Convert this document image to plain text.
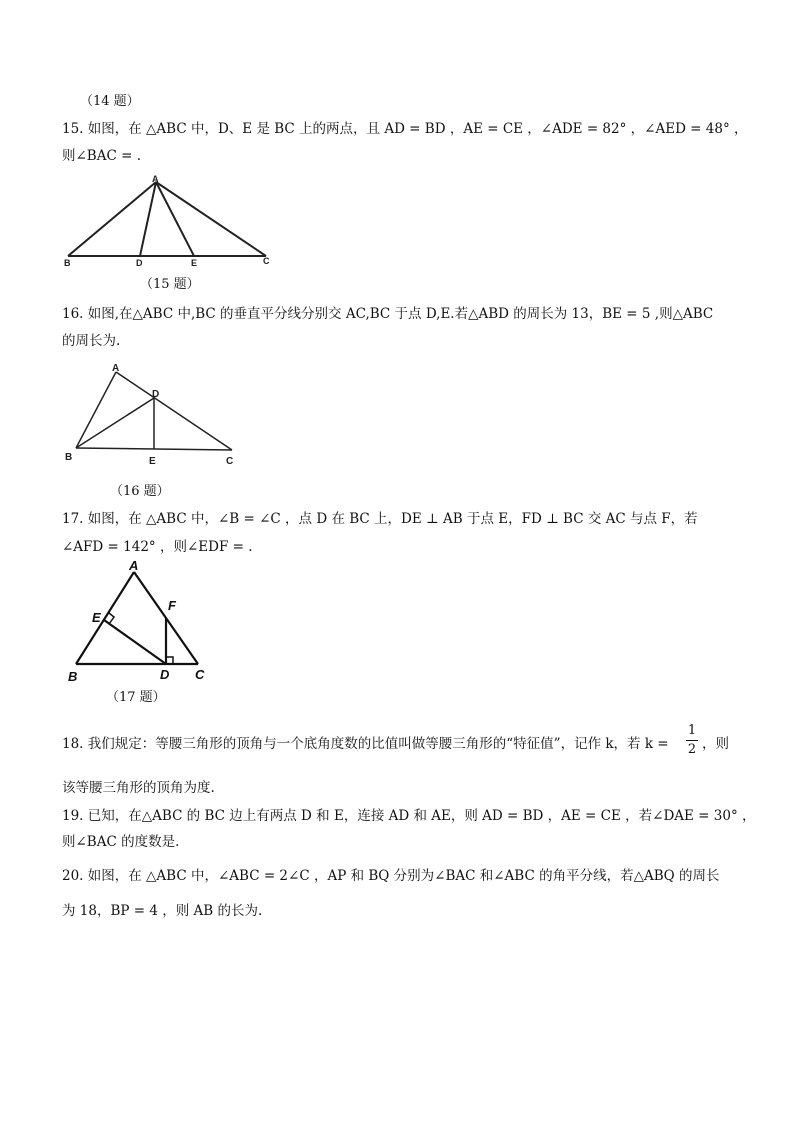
（14 题）
15. 如图，在 △ABC 中，D、E 是 BC 上的两点，且 AD = BD ，AE = CE ，∠ADE = 82° ，∠AED = 48° ，
则∠BAC = .
A
B	D	E	C
（15 题）
16. 如图,在△ABC 中,BC 的垂直平分线分别交 AC,BC 于点 D,E.若△ABD 的周长为 13，BE = 5 ,则△ABC
的周长为.
A
D
B	E	C
（16 题）
17. 如图，在 △ABC 中，∠B = ∠C ，点 D 在 BC 上，DE ⊥ AB 于点 E，FD ⊥ BC 交 AC 与点 F，若
∠AFD = 142° ，则∠EDF = .
A
E
F
B	D C
（17 题）
18. 我们规定：等腰三角形的顶角与一个底角度数的比值叫做等腰三角形的“特征值”，记作 k，若 k =
1
2 ，则
该等腰三角形的顶角为度.
19. 已知，在△ABC 的 BC 边上有两点 D 和 E，连接 AD 和 AE，则 AD = BD ，AE = CE ，若∠DAE = 30° ，
则∠BAC 的度数是.
20. 如图，在 △ABC 中，∠ABC = 2∠C ，AP 和 BQ 分别为∠BAC 和∠ABC 的角平分线，若△ABQ 的周长
为 18，BP = 4 ，则 AB 的长为.
